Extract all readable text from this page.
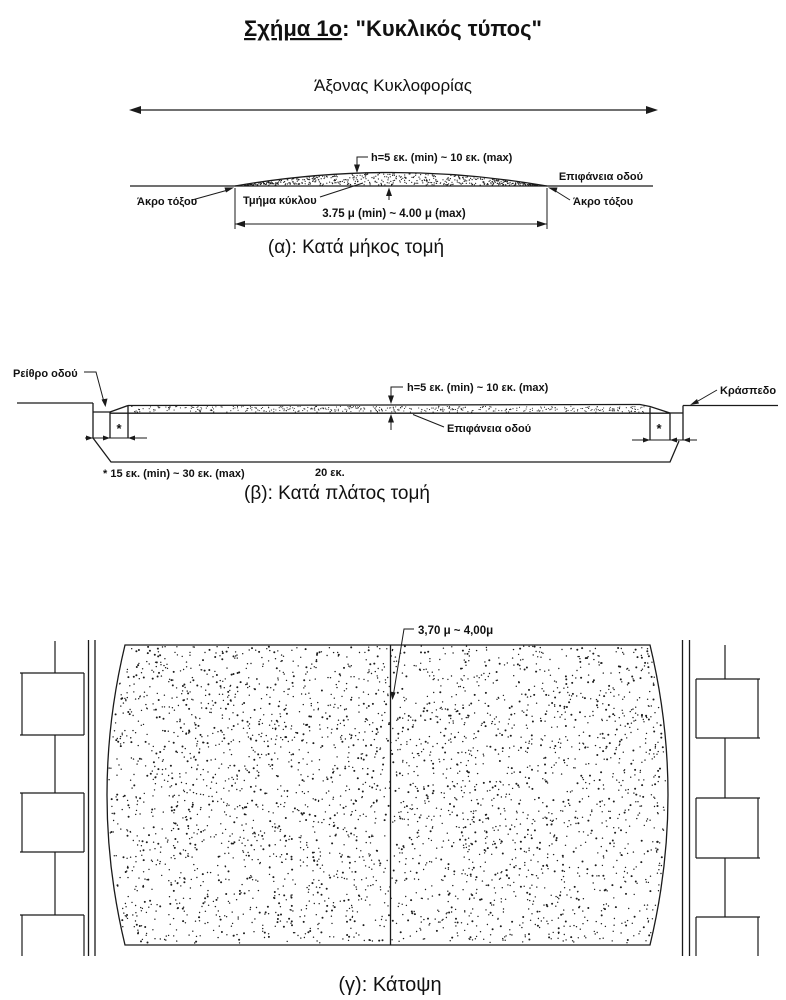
Σχήμα 1ο: "Κυκλικός τύπος"
Άξονας Κυκλοφορίας
h=5 εκ. (min) ~ 10 εκ. (max)
Επιφάνεια οδού
Άκρο τόξου	Τμήμα κύκλου	Άκρο τόξου
3.75 μ (min) ~ 4.00 μ (max)
(α): Κατά μήκος τομή
Ρείθρο οδού
*
h=5 εκ. (min) ~ 10 εκ. (max)
Επιφάνεια οδού	*
Κράσπεδο
* 15 εκ. (min) ~ 30 εκ. (max)	20 εκ.
(β): Κατά πλάτος τομή
3,70 μ ~ 4,00μ
(γ): Κάτοψη
